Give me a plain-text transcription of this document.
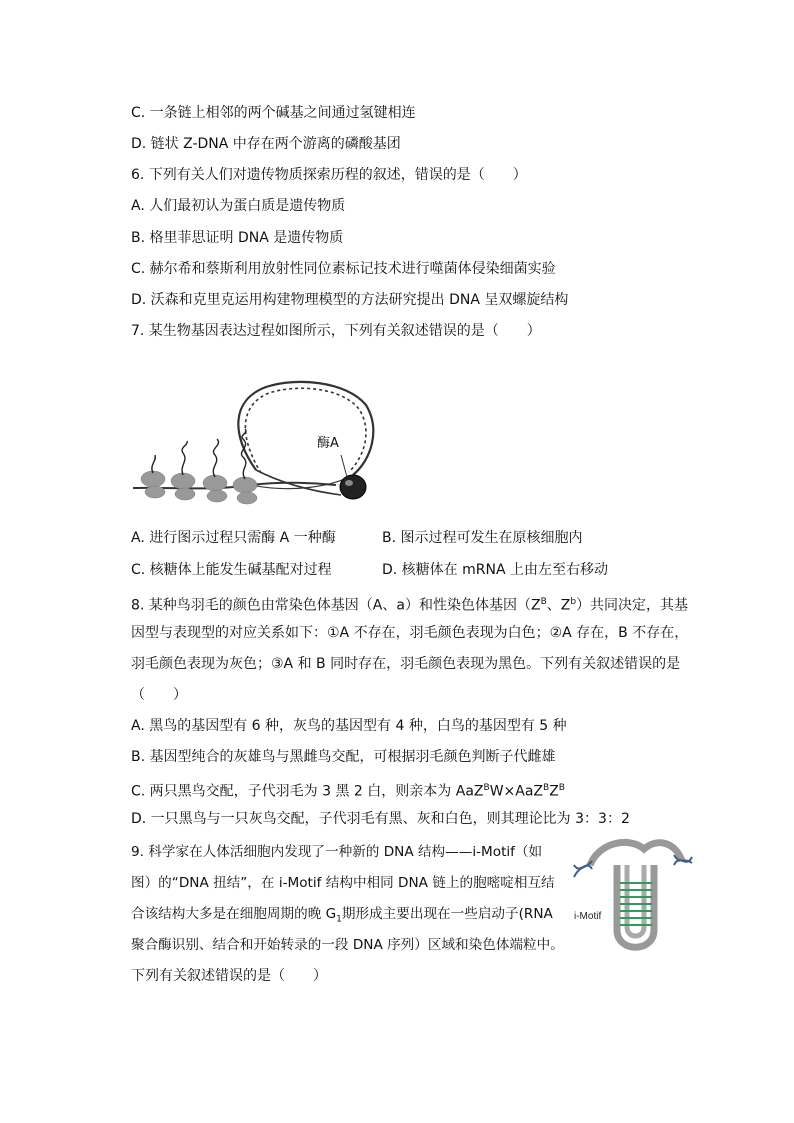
C. 一条链上相邻的两个碱基之间通过氢键相连
D. 链状 Z-DNA 中存在两个游离的磷酸基团
6. 下列有关人们对遗传物质探索历程的叙述，错误的是（　　）
A. 人们最初认为蛋白质是遗传物质
B. 格里菲思证明 DNA 是遗传物质
C. 赫尔希和蔡斯利用放射性同位素标记技术进行噬菌体侵染细菌实验
D. 沃森和克里克运用构建物理模型的方法研究提出 DNA 呈双螺旋结构
7. 某生物基因表达过程如图所示，下列有关叙述错误的是（　　）
酶A
A. 进行图示过程只需酶 A 一种酶	B. 图示过程可发生在原核细胞内
C. 核糖体上能发生碱基配对过程	D. 核糖体在 mRNA 上由左至右移动
8. 某种鸟羽毛的颜色由常染色体基因（A、a）和性染色体基因（$Z^B$、$Z^b$）共同决定，其基
因型与表现型的对应关系如下：①A 不存在，羽毛颜色表现为白色；②A 存在，B 不存在，
羽毛颜色表现为灰色；③A 和 B 同时存在，羽毛颜色表现为黑色。下列有关叙述错误的是
（　　）
A. 黑鸟的基因型有 6 种，灰鸟的基因型有 4 种，白鸟的基因型有 5 种
B. 基因型纯合的灰雄鸟与黑雌鸟交配，可根据羽毛颜色判断子代雌雄
C. 两只黑鸟交配，子代羽毛为 3 黑 2 白，则亲本为 $AaZ^BW\times AaZ^BZ^B$
D. 一只黑鸟与一只灰鸟交配，子代羽毛有黑、灰和白色，则其理论比为 3：3：2
9. 科学家在人体活细胞内发现了一种新的 DNA 结构——i-Motif（如
图）的“DNA 扭结”，在 i-Motif 结构中相同 DNA 链上的胞嘧啶相互结
合该结构大多是在细胞周期的晚 $G_1$期形成主要出现在一些启动子(RNA
聚合酶识别、结合和开始转录的一段 DNA 序列）区域和染色体端粒中。
下列有关叙述错误的是（　　）
i-Motif
